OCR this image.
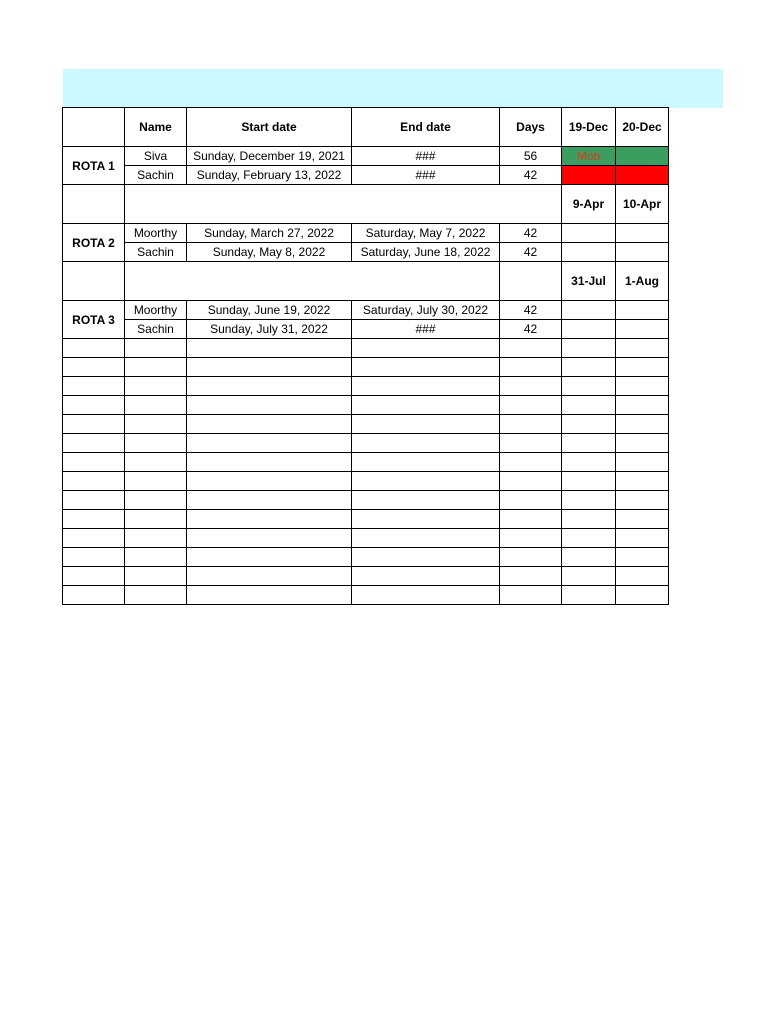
	Name	Start date	End date	Days	19-Dec	20-Dec
ROTA 1	Siva	Sunday, December 19, 2021	###	56	Mob	
	Sachin	Sunday, February 13, 2022	###	42		
					9-Apr	10-Apr
ROTA 2	Moorthy	Sunday, March 27, 2022	Saturday, May 7, 2022	42		
	Sachin	Sunday, May 8, 2022	Saturday, June 18, 2022	42		
					31-Jul	1-Aug
ROTA 3	Moorthy	Sunday, June 19, 2022	Saturday, July 30, 2022	42		
	Sachin	Sunday, July 31, 2022	###	42		
